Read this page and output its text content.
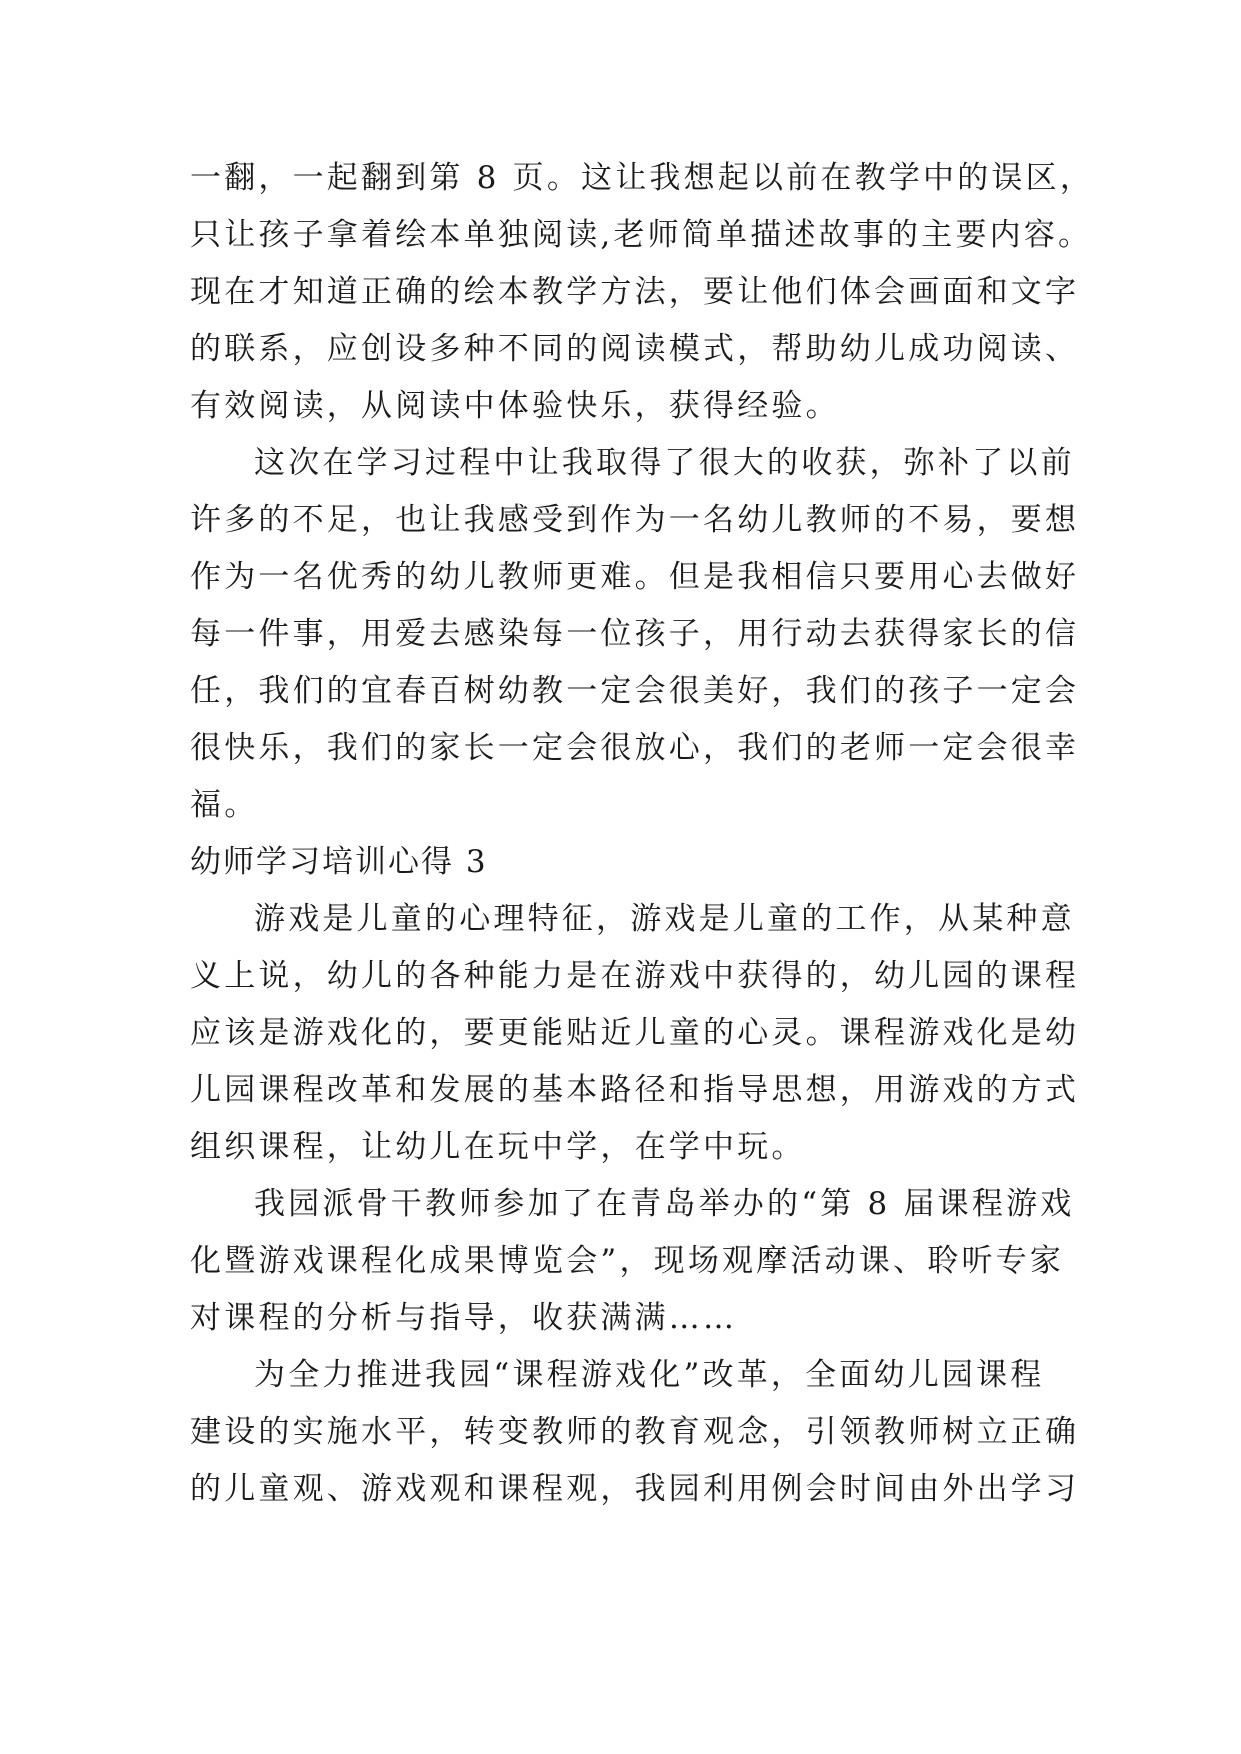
一翻，一起翻到第 8 页。这让我想起以前在教学中的误区，
只让孩子拿着绘本单独阅读,老师简单描述故事的主要内容。
现在才知道正确的绘本教学方法，要让他们体会画面和文字
的联系，应创设多种不同的阅读模式，帮助幼儿成功阅读、
有效阅读，从阅读中体验快乐，获得经验。
这次在学习过程中让我取得了很大的收获，弥补了以前
许多的不足，也让我感受到作为一名幼儿教师的不易，要想
作为一名优秀的幼儿教师更难。但是我相信只要用心去做好
每一件事，用爱去感染每一位孩子，用行动去获得家长的信
任，我们的宜春百树幼教一定会很美好，我们的孩子一定会
很快乐，我们的家长一定会很放心，我们的老师一定会很幸
福。
幼师学习培训心得 3
游戏是儿童的心理特征，游戏是儿童的工作，从某种意
义上说，幼儿的各种能力是在游戏中获得的，幼儿园的课程
应该是游戏化的，要更能贴近儿童的心灵。课程游戏化是幼
儿园课程改革和发展的基本路径和指导思想，用游戏的方式
组织课程，让幼儿在玩中学，在学中玩。
我园派骨干教师参加了在青岛举办的“第 8 届课程游戏
化暨游戏课程化成果博览会”，现场观摩活动课、聆听专家
对课程的分析与指导，收获满满……
为全力推进我园“课程游戏化”改革，全面幼儿园课程
建设的实施水平，转变教师的教育观念，引领教师树立正确
的儿童观、游戏观和课程观，我园利用例会时间由外出学习
